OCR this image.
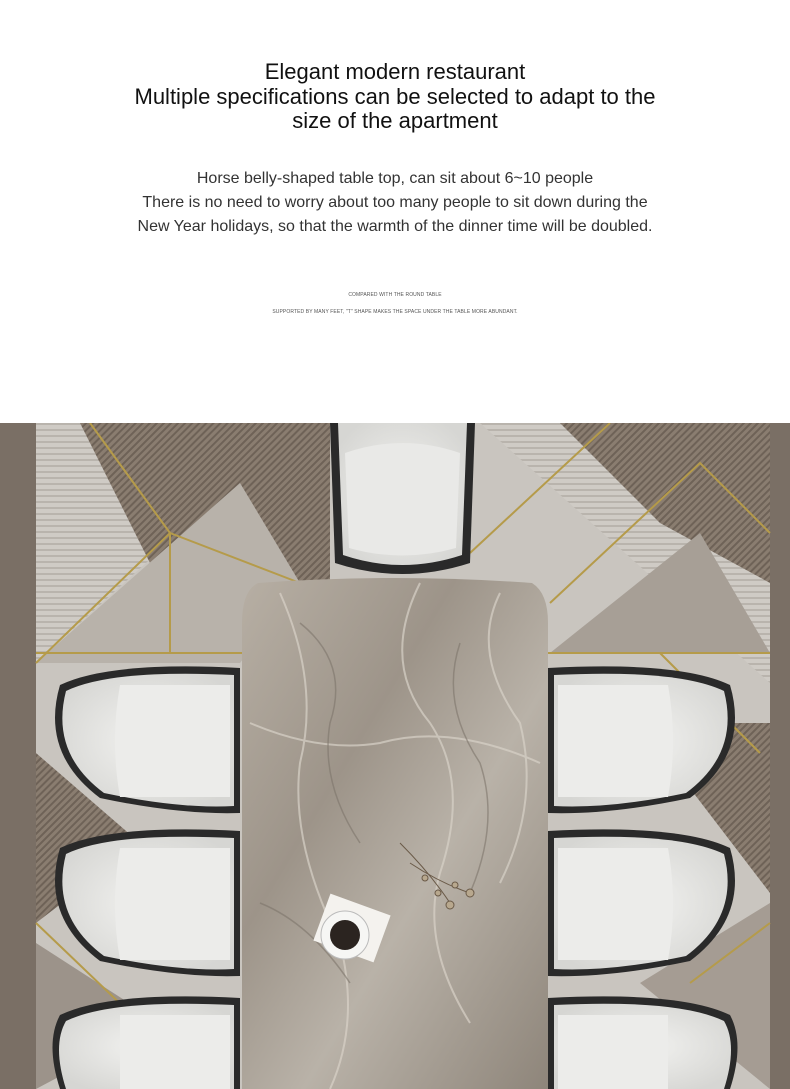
Elegant modern restaurant
Multiple specifications can be selected to adapt to the
size of the apartment
Horse belly-shaped table top, can sit about 6~10 people
There is no need to worry about too many people to sit down during the
New Year holidays, so that the warmth of the dinner time will be doubled.
COMPARED WITH THE ROUND TABLE
SUPPORTED BY MANY FEET, "T" SHAPE MAKES THE SPACE UNDER THE TABLE MORE ABUNDANT.
